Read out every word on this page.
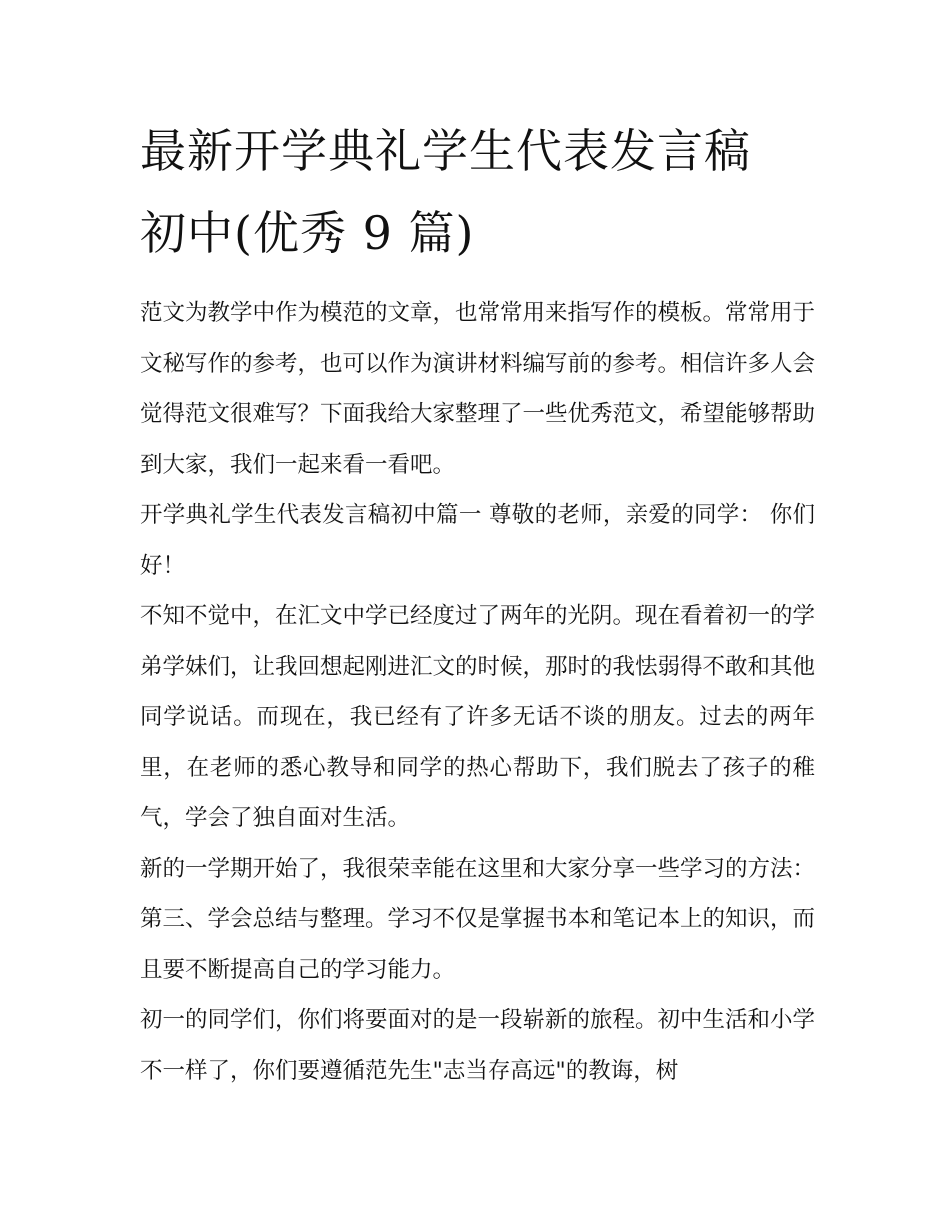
最新开学典礼学生代表发言稿
初中(优秀 9 篇)

范文为教学中作为模范的文章，也常常用来指写作的模板。常常用于文秘写作的参考，也可以作为演讲材料编写前的参考。相信许多人会觉得范文很难写？下面我给大家整理了一些优秀范文，希望能够帮助到大家，我们一起来看一看吧。

开学典礼学生代表发言稿初中篇一 尊敬的老师，亲爱的同学： 你们好！

不知不觉中，在汇文中学已经度过了两年的光阴。现在看着初一的学弟学妹们，让我回想起刚进汇文的时候，那时的我怯弱得不敢和其他同学说话。而现在，我已经有了许多无话不谈的朋友。过去的两年里，在老师的悉心教导和同学的热心帮助下，我们脱去了孩子的稚气，学会了独自面对生活。

新的一学期开始了，我很荣幸能在这里和大家分享一些学习的方法： 第三、学会总结与整理。学习不仅是掌握书本和笔记本上的知识，而且要不断提高自己的学习能力。

初一的同学们，你们将要面对的是一段崭新的旅程。初中生活和小学不一样了，你们要遵循范先生"志当存高远"的教诲，树
